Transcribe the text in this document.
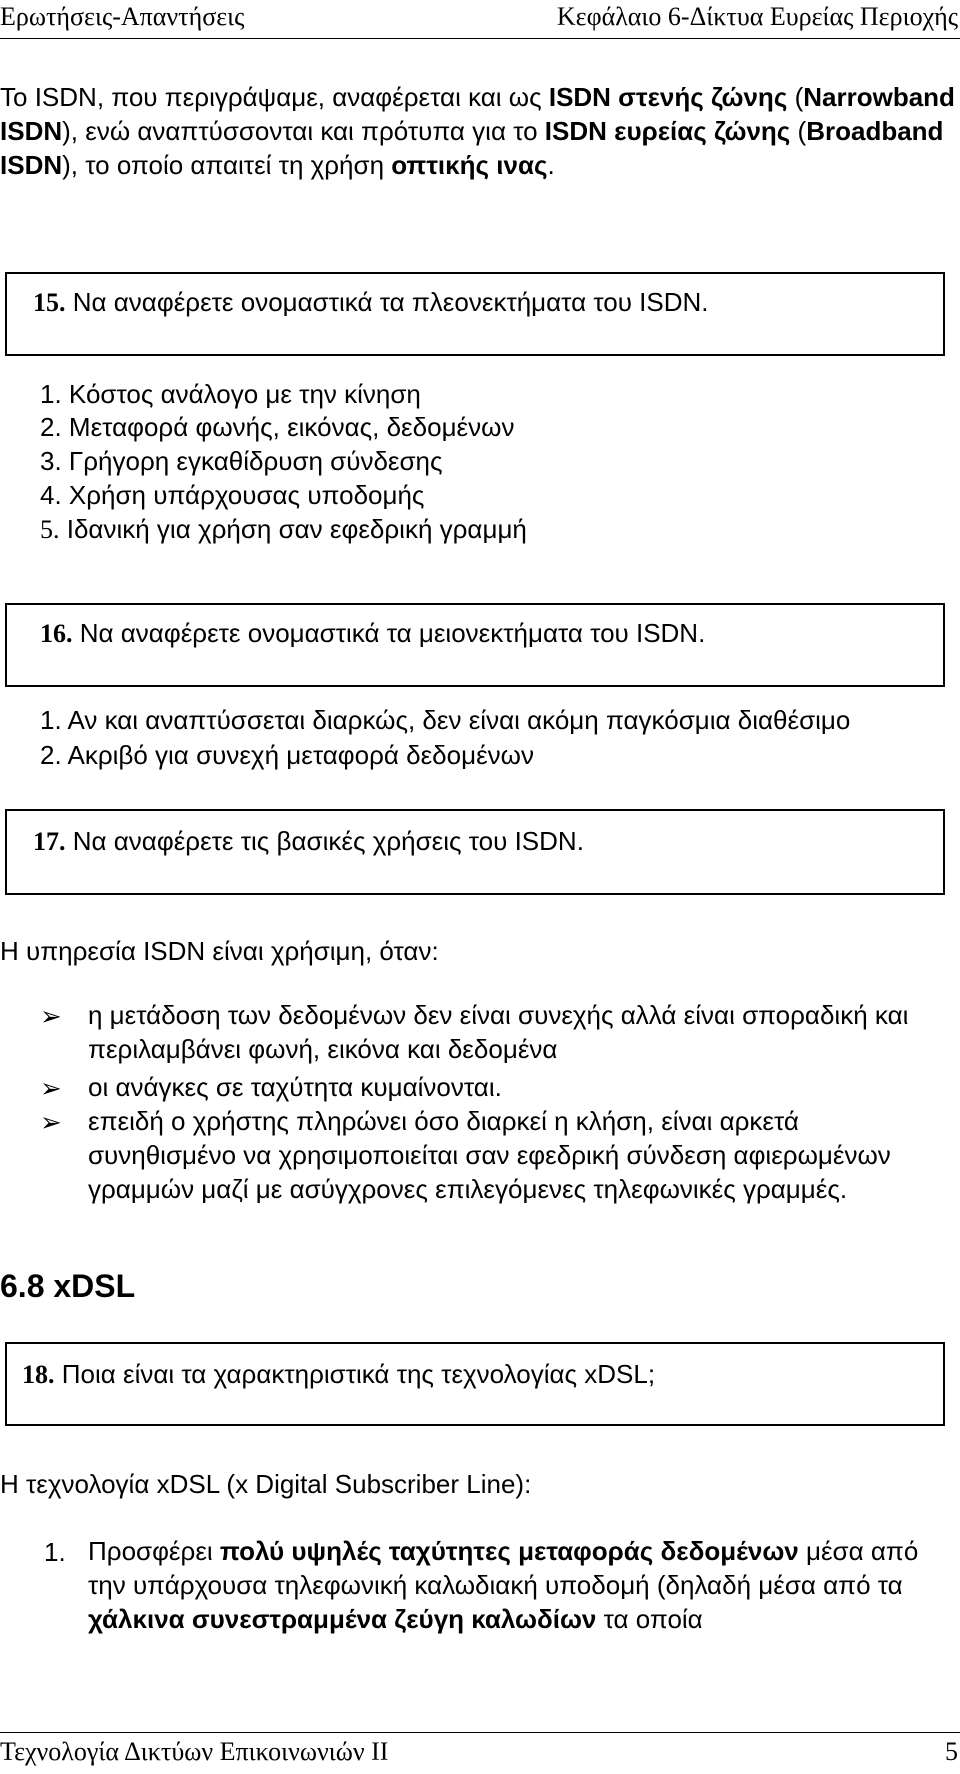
Ερωτήσεις-Απαντήσεις	Κεφάλαιο 6-Δίκτυα Ευρείας Περιοχής
Το ISDN, που περιγράψαμε, αναφέρεται και ως ISDN στενής ζώνης (Narrowband ISDN), ενώ αναπτύσσονται και πρότυπα για το ISDN ευρείας ζώνης (Broadband ISDN), το οποίο απαιτεί τη χρήση οπτικής ινας.
15. Να αναφέρετε ονομαστικά τα πλεονεκτήματα του ISDN.
1. Κόστος ανάλογο με την κίνηση
2. Μεταφορά φωνής, εικόνας, δεδομένων
3. Γρήγορη εγκαθίδρυση σύνδεσης
4. Χρήση υπάρχουσας υποδομής
5. Ιδανική για χρήση σαν εφεδρική γραμμή
16. Να αναφέρετε ονομαστικά τα μειονεκτήματα του ISDN.
1. Αν και αναπτύσσεται διαρκώς, δεν είναι ακόμη παγκόσμια διαθέσιμο
2. Ακριβό για συνεχή μεταφορά δεδομένων
17. Να αναφέρετε τις βασικές χρήσεις του ISDN.
Η υπηρεσία ISDN είναι χρήσιμη, όταν:
➢ η μετάδοση των δεδομένων δεν είναι συνεχής αλλά είναι σποραδική και περιλαμβάνει φωνή, εικόνα και δεδομένα
➢ οι ανάγκες σε ταχύτητα κυμαίνονται.
➢ επειδή ο χρήστης πληρώνει όσο διαρκεί η κλήση, είναι αρκετά συνηθισμένο να χρησιμοποιείται σαν εφεδρική σύνδεση αφιερωμένων γραμμών μαζί με ασύγχρονες επιλεγόμενες τηλεφωνικές γραμμές.
6.8 xDSL
18. Ποια είναι τα χαρακτηριστικά της τεχνολογίας xDSL;
Η τεχνολογία xDSL (x Digital Subscriber Line):
1. Προσφέρει πολύ υψηλές ταχύτητες μεταφοράς δεδομένων μέσα από την υπάρχουσα τηλεφωνική καλωδιακή υποδομή (δηλαδή μέσα από τα χάλκινα συνεστραμμένα ζεύγη καλωδίων τα οποία
Τεχνολογία Δικτύων Επικοινωνιών ΙΙ	5
